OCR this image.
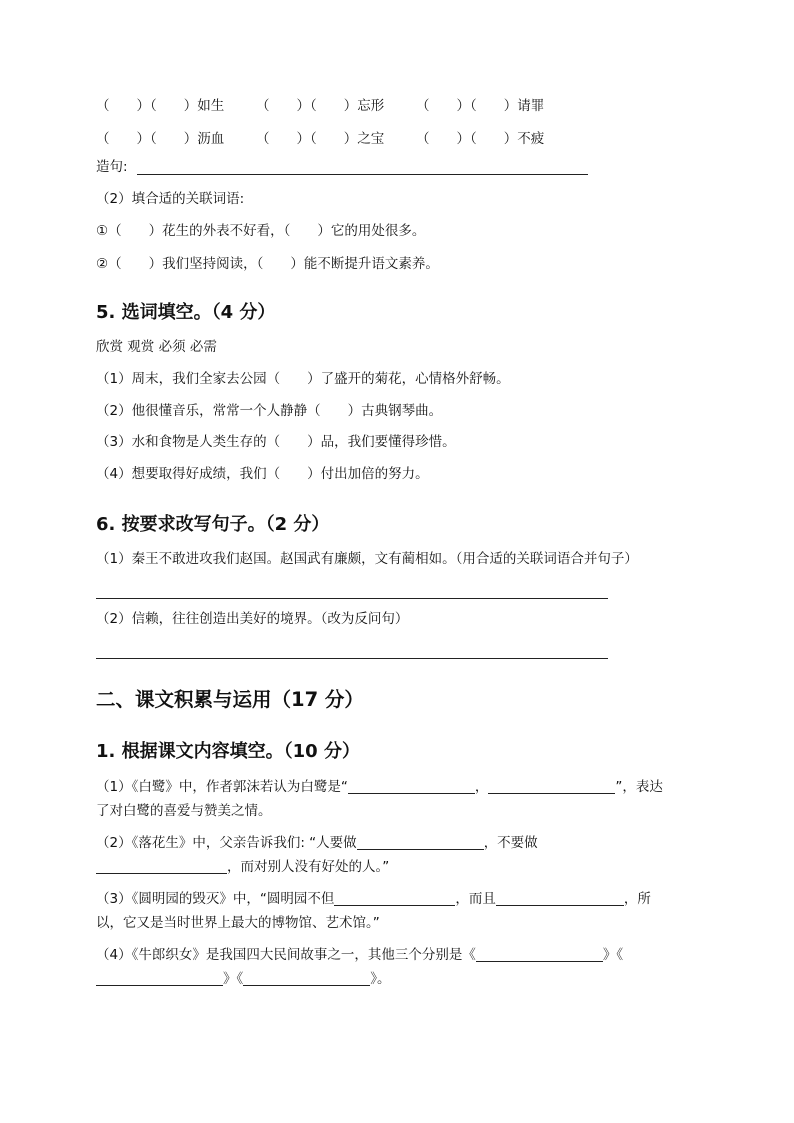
（　　）（　　）如生 （　　）（　　）忘形 （　　）（　　）请罪
（　　）（　　）沥血 （　　）（　　）之宝 （　　）（　　）不疲
造句:
（2）填合适的关联词语:
①（　　）花生的外表不好看，（　　）它的用处很多。
②（　　）我们坚持阅读，（　　）能不断提升语文素养。
5. 选词填空。（4 分）
欣赏 观赏 必须 必需
（1）周末，我们全家去公园（　　）了盛开的菊花，心情格外舒畅。
（2）他很懂音乐，常常一个人静静（　　）古典钢琴曲。
（3）水和食物是人类生存的（　　）品，我们要懂得珍惜。
（4）想要取得好成绩，我们（　　）付出加倍的努力。
6. 按要求改写句子。（2 分）
（1）秦王不敢进攻我们赵国。赵国武有廉颇，文有蔺相如。（用合适的关联词语合并句子）
（2）信赖，往往创造出美好的境界。（改为反问句）
二、课文积累与运用（17 分）
1. 根据课文内容填空。（10 分）
（1）《白鹭》中，作者郭沫若认为白鹭是“	，	”，表达
了对白鹭的喜爱与赞美之情。
（2）《落花生》中，父亲告诉我们: “人要做	，不要做
，而对别人没有好处的人。”
（3）《圆明园的毁灭》中，“圆明园不但	，而且	，所
以，它又是当时世界上最大的博物馆、艺术馆。”
（4）《牛郎织女》是我国四大民间故事之一，其他三个分别是《	》《
》《	》。
